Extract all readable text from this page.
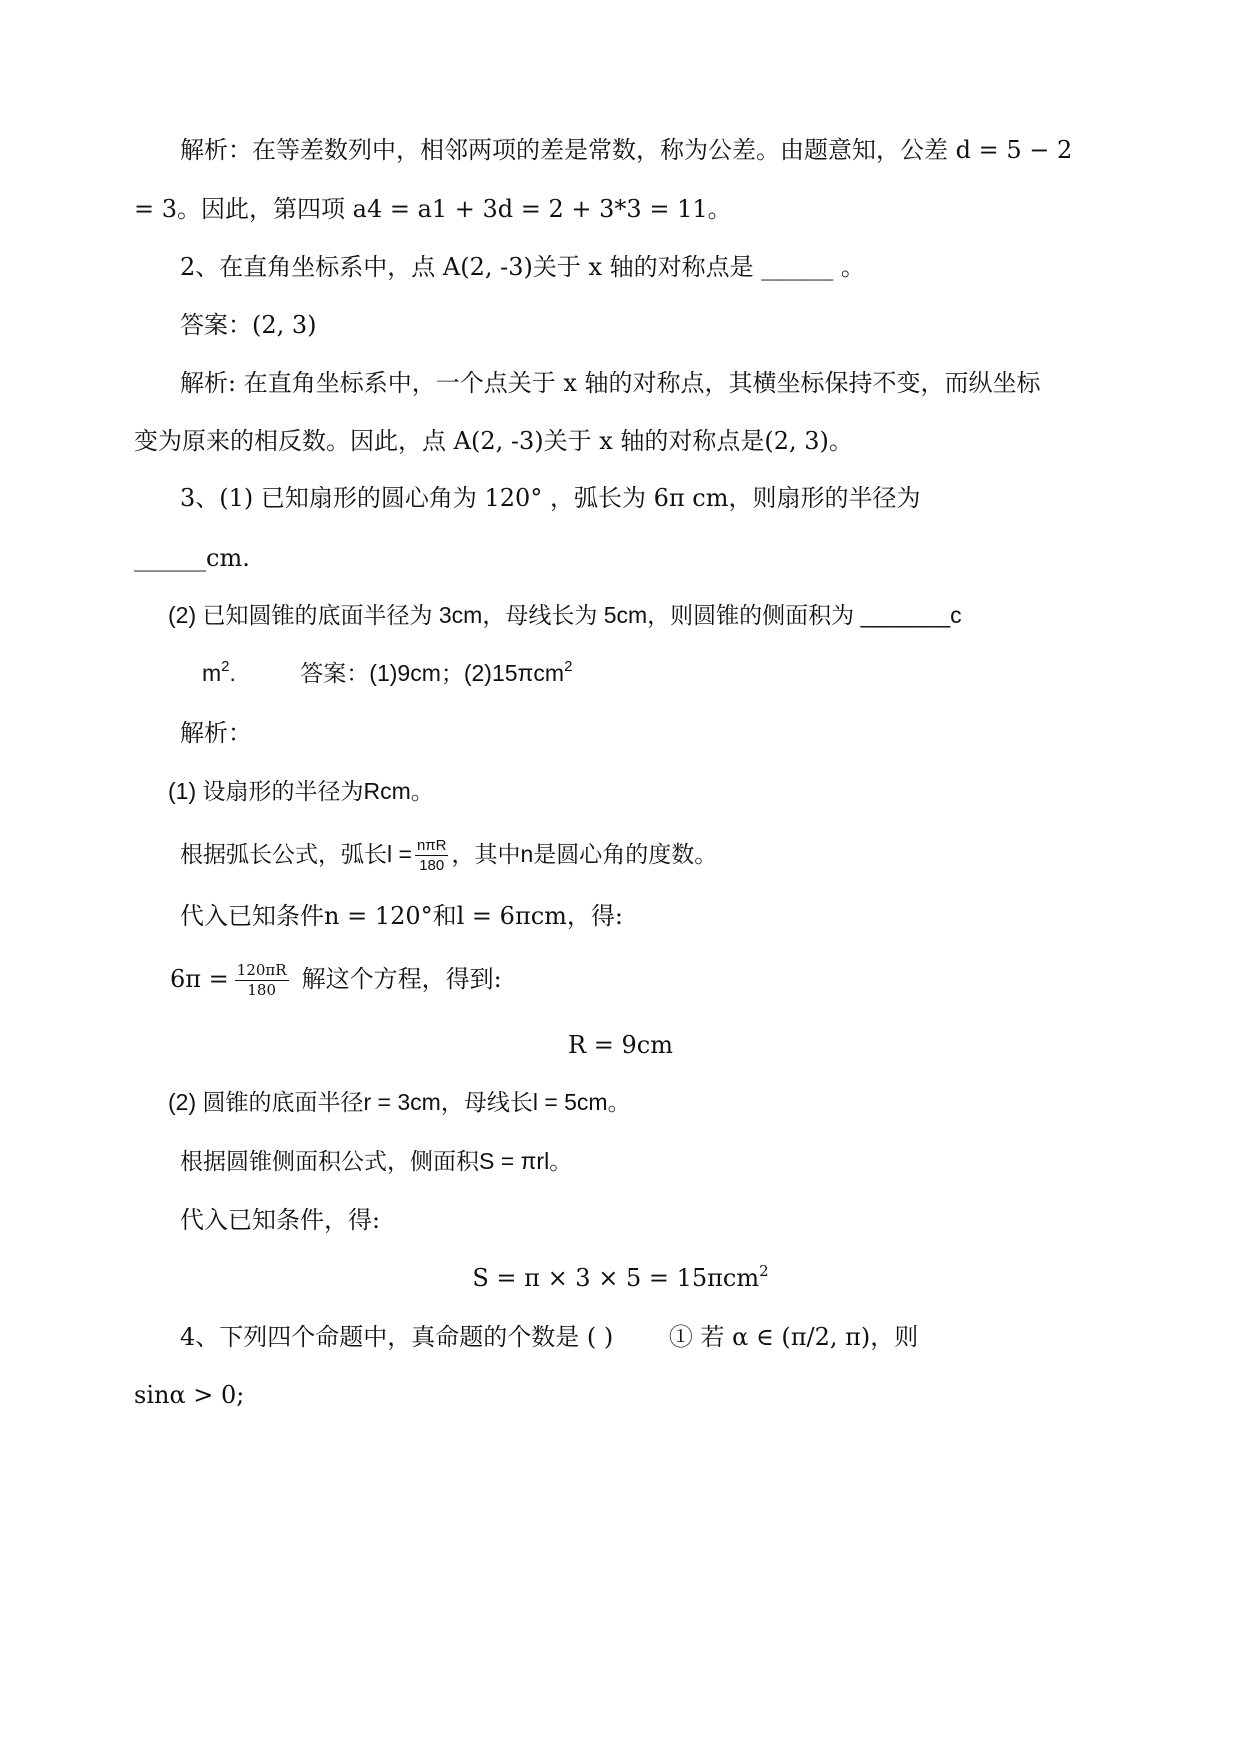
解析：在等差数列中，相邻两项的差是常数，称为公差。由题意知，公差 d = 5 − 2
= 3。因此，第四项 a4 = a1 + 3d = 2 + 3*3 = 11。
2、在直角坐标系中，点 A(2, -3)关于 x 轴的对称点是 ______ 。
答案：(2, 3)
解析: 在直角坐标系中，一个点关于 x 轴的对称点，其横坐标保持不变，而纵坐标
变为原来的相反数。因此，点 A(2, -3)关于 x 轴的对称点是(2, 3)。
3、(1) 已知扇形的圆心角为 120° ，弧长为 6π cm，则扇形的半径为
______cm.
(2) 已知圆锥的底面半径为 3cm，母线长为 5cm，则圆锥的侧面积为 _______c
$m^2$.	答案：(1)9cm；(2)15πcm$^2$
解析：
(1) 设扇形的半径为Rcm。
根据弧长公式，弧长$l = \frac{\text{nπR}}{180}$ ，其中n是圆心角的度数。
代入已知条件n = 120°和l = 6πcm，得:
$6\pi = \frac{120\pi R}{180}$ 解这个方程，得到:
R = 9cm
(2) 圆锥的底面半径r = 3cm，母线长l = 5cm。
根据圆锥侧面积公式，侧面积S = πrl。
代入已知条件，得:
S = π × 3 × 5 = 15πcm$^2$
4、下列四个命题中，真命题的个数是 ( )　　 ① 若 α ∈ (π/2, π)，则
sinα > 0;
